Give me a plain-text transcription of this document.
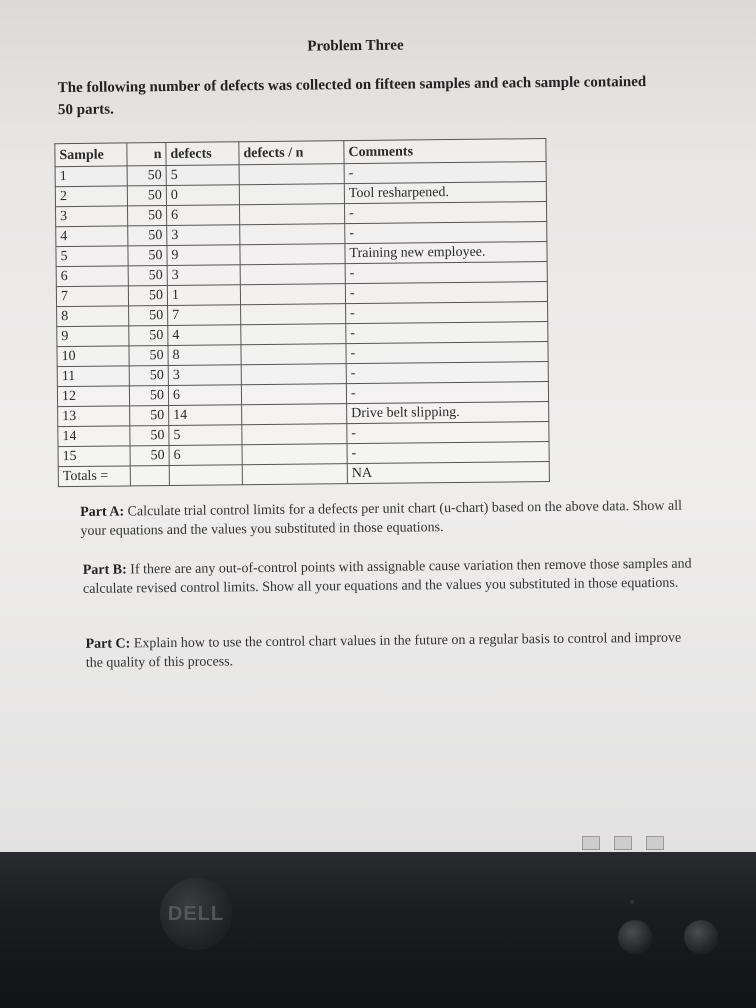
Problem Three
The following number of defects was collected on fifteen samples and each sample contained 50 parts.
Sample	n	defects	defects / n	Comments
1	50	5		-
2	50	0		Tool resharpened.
3	50	6		-
4	50	3		-
5	50	9		Training new employee.
6	50	3		-
7	50	1		-
8	50	7		-
9	50	4		-
10	50	8		-
11	50	3		-
12	50	6		-
13	50	14		Drive belt slipping.
14	50	5		-
15	50	6		-
Totals =				NA
Part A: Calculate trial control limits for a defects per unit chart (u-chart) based on the above data. Show all your equations and the values you substituted in those equations.
Part B: If there are any out-of-control points with assignable cause variation then remove those samples and calculate revised control limits. Show all your equations and the values you substituted in those equations.
Part C: Explain how to use the control chart values in the future on a regular basis to control and improve the quality of this process.
DELL
